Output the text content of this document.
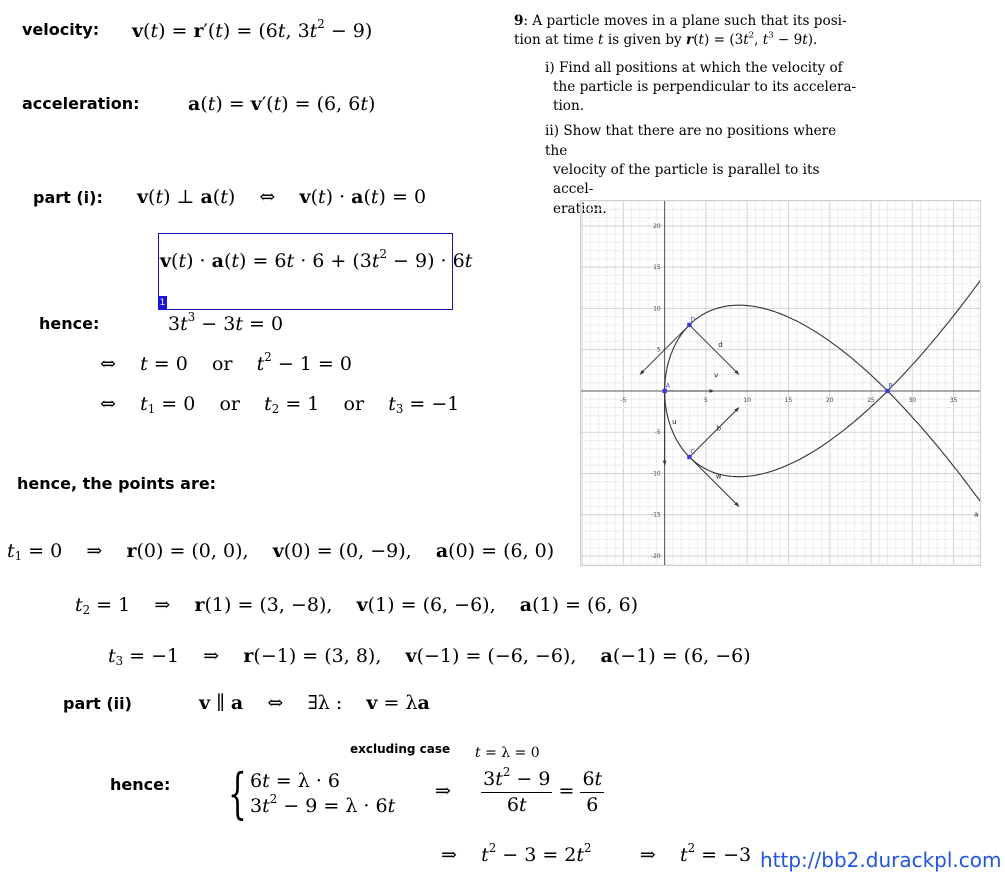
velocity: v(t) = r′(t) = (6t, $3t^2 - 9$)
acceleration:	a(t) = v′(t) = (6, 6t)
part (i): v(t) ⊥ a(t)    ⇔    v(t) · a(t) = 0
$v(t) \cdot a(t) = 6t \cdot 6 + (3t^2 - 9) \cdot 6t$
1
hence:	$3t^3 - 3t = 0$
⇔    t = 0    or    $t^2 - 1 = 0$
⇔    $t_1 = 0$    or    $t_2 = 1$    or    $t_3 = -1$
hence, the points are:
$t_1 = 0$    ⇒    r(0) = (0, 0),    v(0) = (0, −9),    a(0) = (6, 0)
$t_2 = 1$    ⇒    r(1) = (3, −8),    v(1) = (6, −6),    a(1) = (6, 6)
$t_3 = -1$    ⇒    r(−1) = (3, 8),    v(−1) = (−6, −6),    a(−1) = (6, −6)
part (ii)	v ∥ a    ⇔    ∃λ :    v = λa
excluding case t = λ = 0
hence: { 6t = λ · 6
$3t^2 - 9 = \lambda \cdot 6t$
⇒ $\frac{3t^2 - 9}{6t} = \frac{6t}{6}$
⇒    $t^2 - 3 = 2t^2$        ⇒    $t^2 = -3$ http://bb2.durackpl.com

9: A particle moves in a plane such that its posi-

tion at time t is given by $r(t) = (3t^2$, $t^3 - 9t$).

i) Find all positions at which the velocity of
the particle is perpendicular to its accelera-
tion.

ii) Show that there are no positions where the
velocity of the particle is parallel to its accel-
eration.

-5	5	10	15	20	25	30	35
20
15
10
5
-5
-10
-15
-20
v
u
d
b
w
a
A	B
C
D
